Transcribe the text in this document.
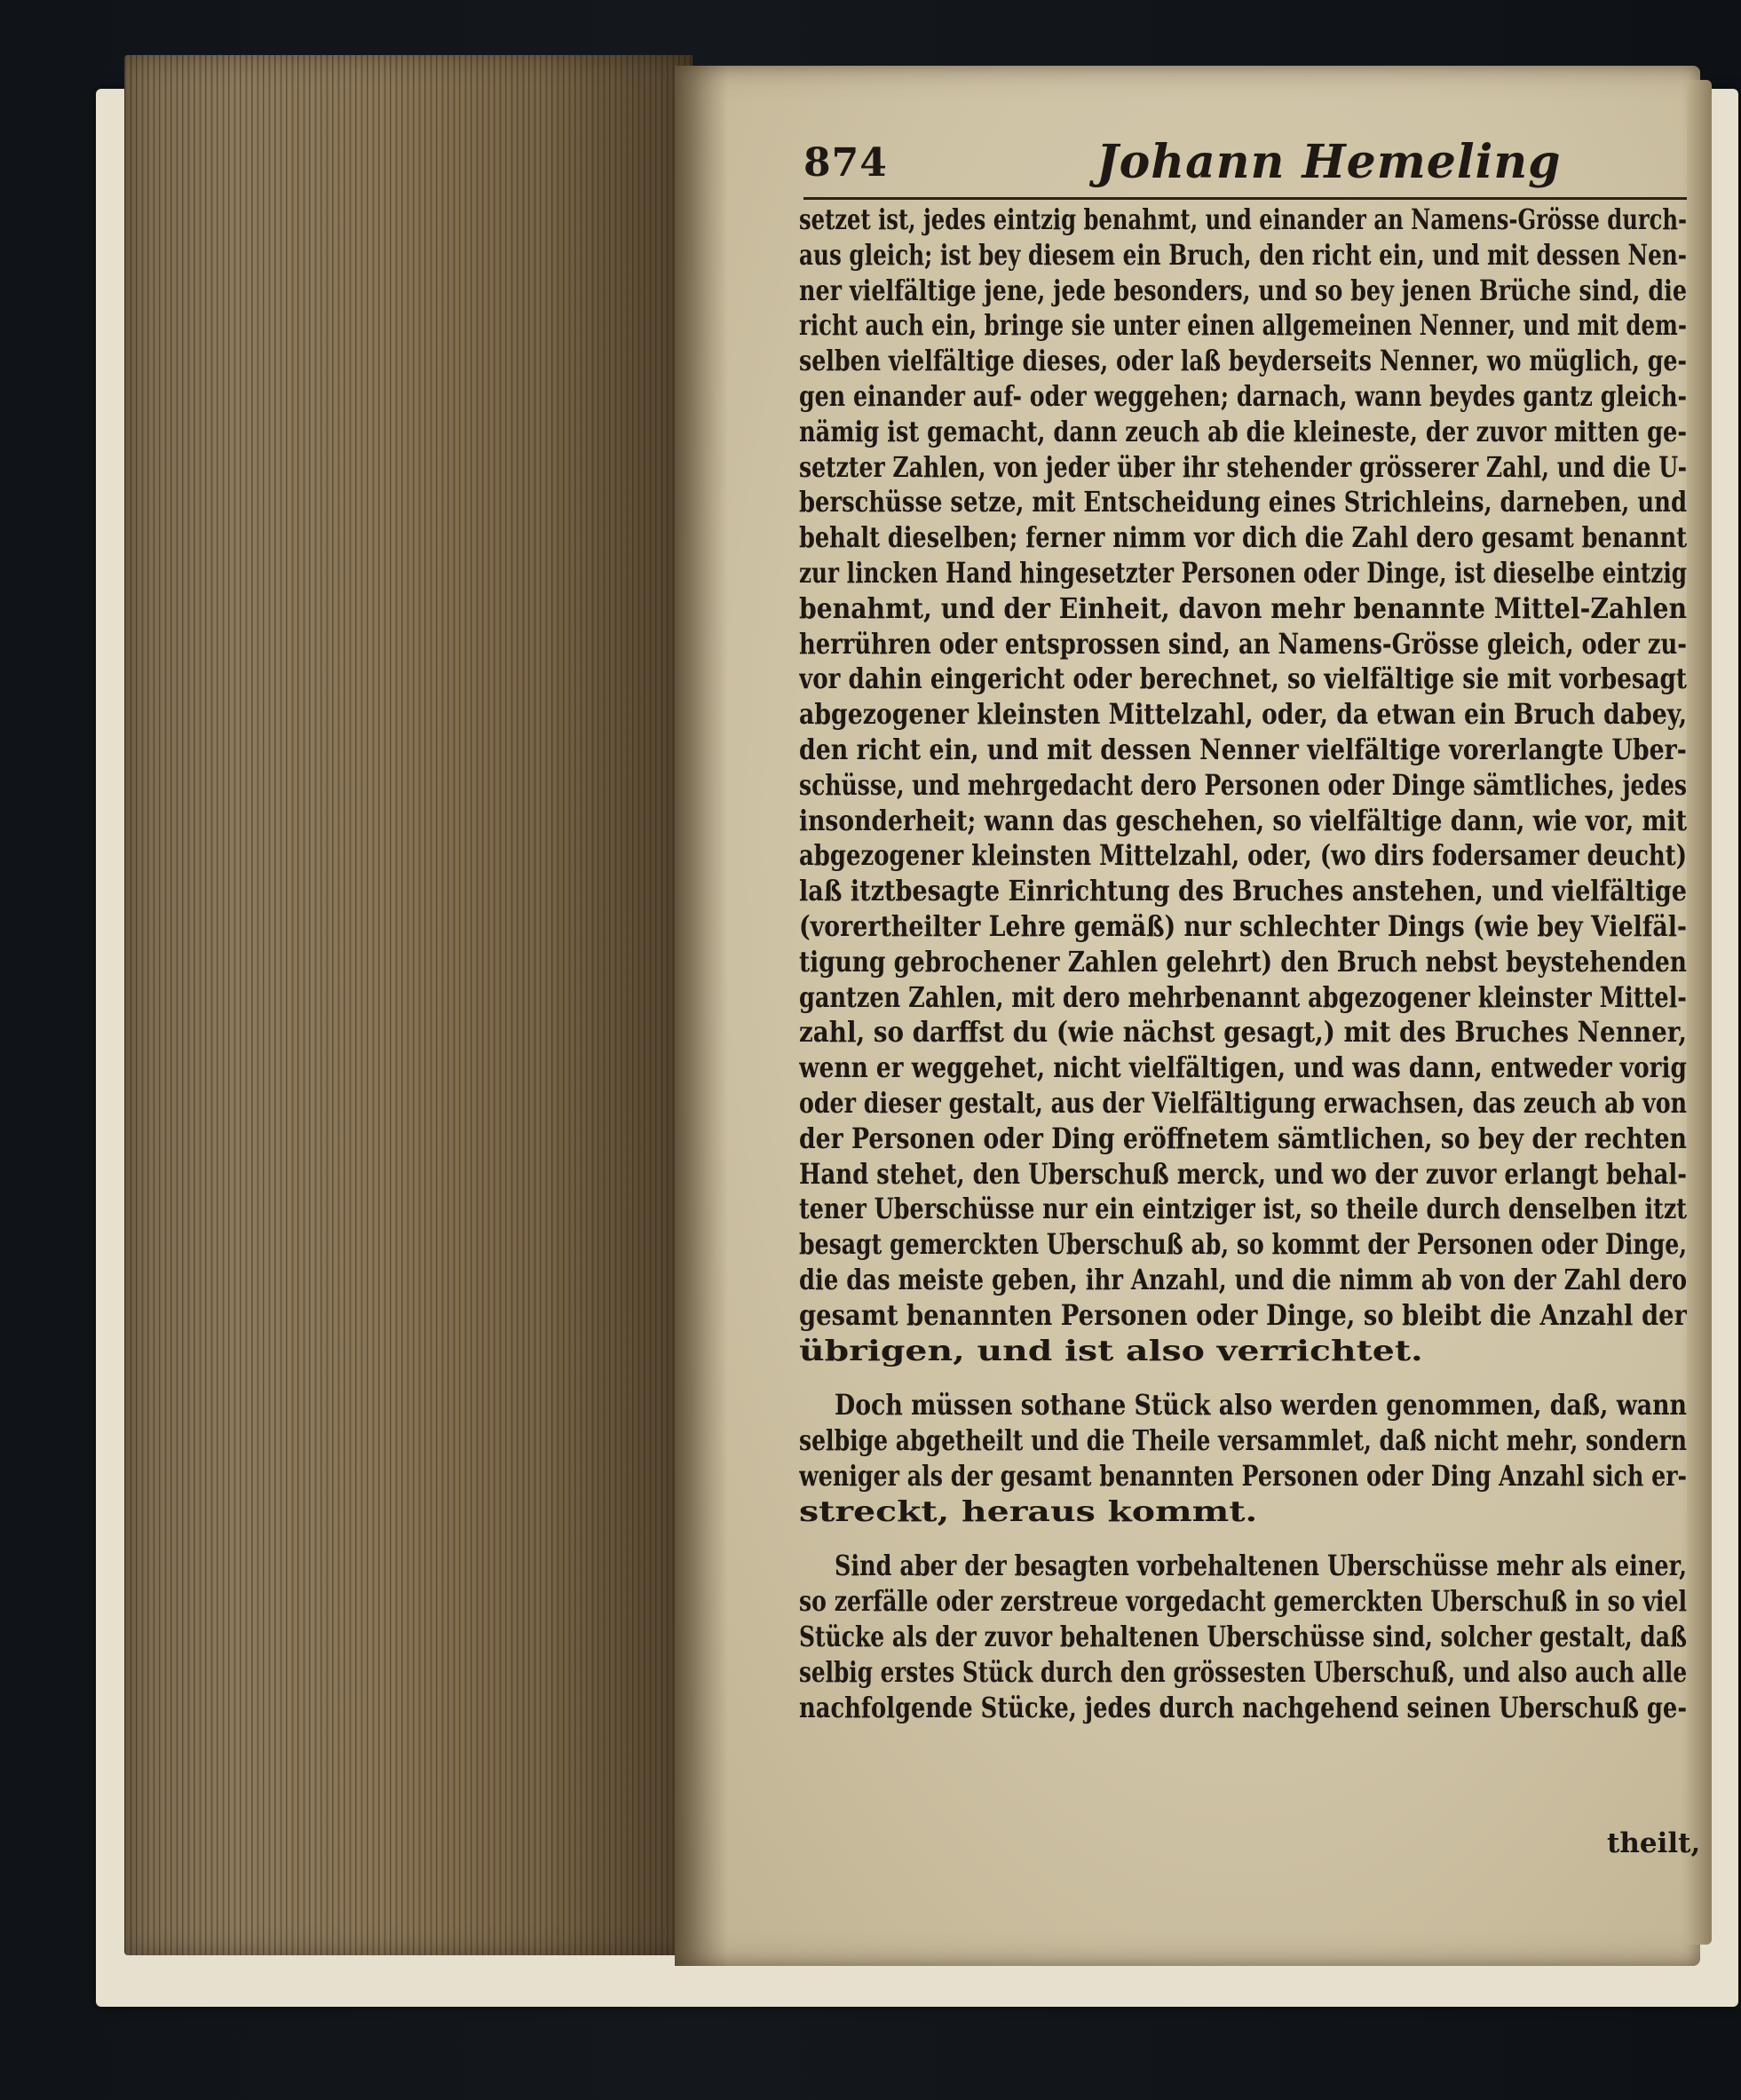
874	Johann Hemeling
setzet ist, jedes eintzig benahmt, und einander an Namens-Grösse durch-
aus gleich; ist bey diesem ein Bruch, den richt ein, und mit dessen Nen-
ner vielfältige jene, jede besonders, und so bey jenen Brüche sind, die
richt auch ein, bringe sie unter einen allgemeinen Nenner, und mit dem-
selben vielfältige dieses, oder laß beyderseits Nenner, wo müglich, ge-
gen einander auf- oder weggehen; darnach, wann beydes gantz gleich-
nämig ist gemacht, dann zeuch ab die kleineste, der zuvor mitten ge-
setzter Zahlen, von jeder über ihr stehender grösserer Zahl, und die U-
berschüsse setze, mit Entscheidung eines Strichleins, darneben, und
behalt dieselben; ferner nimm vor dich die Zahl dero gesamt benannt
zur lincken Hand hingesetzter Personen oder Dinge, ist dieselbe eintzig
benahmt, und der Einheit, davon mehr benannte Mittel-Zahlen
herrühren oder entsprossen sind, an Namens-Grösse gleich, oder zu-
vor dahin eingericht oder berechnet, so vielfältige sie mit vorbesagt
abgezogener kleinsten Mittelzahl, oder, da etwan ein Bruch dabey,
den richt ein, und mit dessen Nenner vielfältige vorerlangte Uber-
schüsse, und mehrgedacht dero Personen oder Dinge sämtliches, jedes
insonderheit; wann das geschehen, so vielfältige dann, wie vor, mit
abgezogener kleinsten Mittelzahl, oder, (wo dirs fodersamer deucht)
laß itztbesagte Einrichtung des Bruches anstehen, und vielfältige
(vorertheilter Lehre gemäß) nur schlechter Dings (wie bey Vielfäl-
tigung gebrochener Zahlen gelehrt) den Bruch nebst beystehenden
gantzen Zahlen, mit dero mehrbenannt abgezogener kleinster Mittel-
zahl, so darffst du (wie nächst gesagt,) mit des Bruches Nenner,
wenn er weggehet, nicht vielfältigen, und was dann, entweder vorig
oder dieser gestalt, aus der Vielfältigung erwachsen, das zeuch ab von
der Personen oder Ding eröffnetem sämtlichen, so bey der rechten
Hand stehet, den Uberschuß merck, und wo der zuvor erlangt behal-
tener Uberschüsse nur ein eintziger ist, so theile durch denselben itzt
besagt gemerckten Uberschuß ab, so kommt der Personen oder Dinge,
die das meiste geben, ihr Anzahl, und die nimm ab von der Zahl dero
gesamt benannten Personen oder Dinge, so bleibt die Anzahl der
übrigen, und ist also verrichtet.
Doch müssen sothane Stück also werden genommen, daß, wann
selbige abgetheilt und die Theile versammlet, daß nicht mehr, sondern
weniger als der gesamt benannten Personen oder Ding Anzahl sich er-
streckt, heraus kommt.
Sind aber der besagten vorbehaltenen Uberschüsse mehr als einer,
so zerfälle oder zerstreue vorgedacht gemerckten Uberschuß in so viel
Stücke als der zuvor behaltenen Uberschüsse sind, solcher gestalt, daß
selbig erstes Stück durch den grössesten Uberschuß, und also auch alle
nachfolgende Stücke, jedes durch nachgehend seinen Uberschuß ge-
theilt,
